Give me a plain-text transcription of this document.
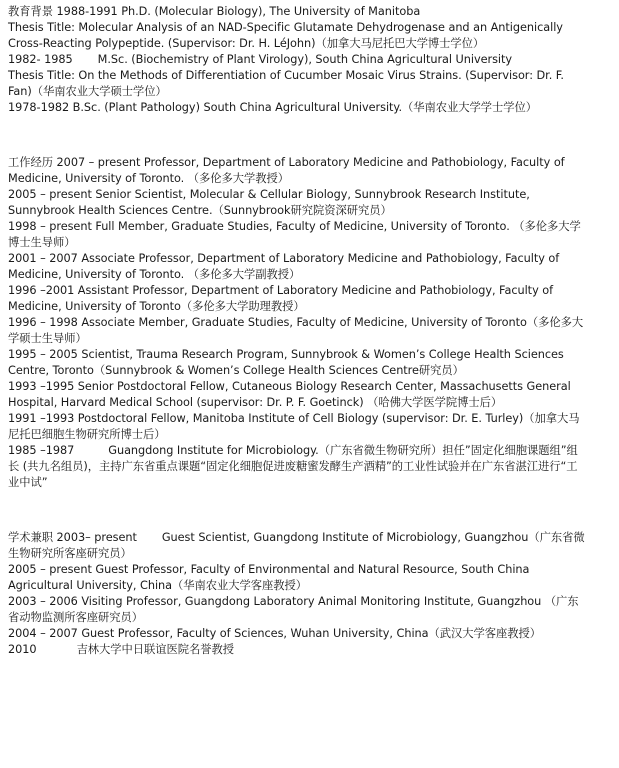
教育背景 1988-1991 Ph.D. (Molecular Biology), The University of Manitoba

Thesis Title: Molecular Analysis of an NAD-Specific Glutamate Dehydrogenase and an Antigenically Cross-Reacting Polypeptide. (Supervisor: Dr. H. LéJohn)（加拿大马尼托巴大学博士学位）

1982- 1985 M.Sc. (Biochemistry of Plant Virology), South China Agricultural University

Thesis Title: On the Methods of Differentiation of Cucumber Mosaic Virus Strains. (Supervisor: Dr. F. Fan)（华南农业大学硕士学位）

1978-1982 B.Sc. (Plant Pathology) South China Agricultural University.（华南农业大学学士学位）

工作经历 2007 – present Professor, Department of Laboratory Medicine and Pathobiology, Faculty of Medicine, University of Toronto. （多伦多大学教授）

2005 – present Senior Scientist, Molecular & Cellular Biology, Sunnybrook Research Institute, Sunnybrook Health Sciences Centre.（Sunnybrook研究院资深研究员）

1998 – present Full Member, Graduate Studies, Faculty of Medicine, University of Toronto. （多伦多大学博士生导师）

2001 – 2007 Associate Professor, Department of Laboratory Medicine and Pathobiology, Faculty of Medicine, University of Toronto. （多伦多大学副教授）

1996 –2001 Assistant Professor, Department of Laboratory Medicine and Pathobiology, Faculty of Medicine, University of Toronto（多伦多大学助理教授）

1996 – 1998 Associate Member, Graduate Studies, Faculty of Medicine, University of Toronto（多伦多大学硕士生导师）

1995 – 2005 Scientist, Trauma Research Program, Sunnybrook & Women’s College Health Sciences Centre, Toronto（Sunnybrook & Women’s College Health Sciences Centre研究员）

1993 –1995 Senior Postdoctoral Fellow, Cutaneous Biology Research Center, Massachusetts General Hospital, Harvard Medical School (supervisor: Dr. P. F. Goetinck) （哈佛大学医学院博士后）

1991 –1993 Postdoctoral Fellow, Manitoba Institute of Cell Biology (supervisor: Dr. E. Turley)（加拿大马尼托巴细胞生物研究所博士后）

1985 –1987	Guangdong Institute for Microbiology.（广东省微生物研究所）担任”固定化细胞课题组”组长 (共九名组员)，主持广东省重点课题“固定化细胞促进废糖蜜发酵生产酒精”的工业性试验并在广东省湛江进行“工业中试”

学术兼职 2003– present Guest Scientist, Guangdong Institute of Microbiology, Guangzhou（广东省微生物研究所客座研究员）

2005 – present Guest Professor, Faculty of Environmental and Natural Resource, South China Agricultural University, China（华南农业大学客座教授）

2003 – 2006 Visiting Professor, Guangdong Laboratory Animal Monitoring Institute, Guangzhou （广东省动物监测所客座研究员）

2004 – 2007 Guest Professor, Faculty of Sciences, Wuhan University, China（武汉大学客座教授）

2010	吉林大学中日联谊医院名誉教授
